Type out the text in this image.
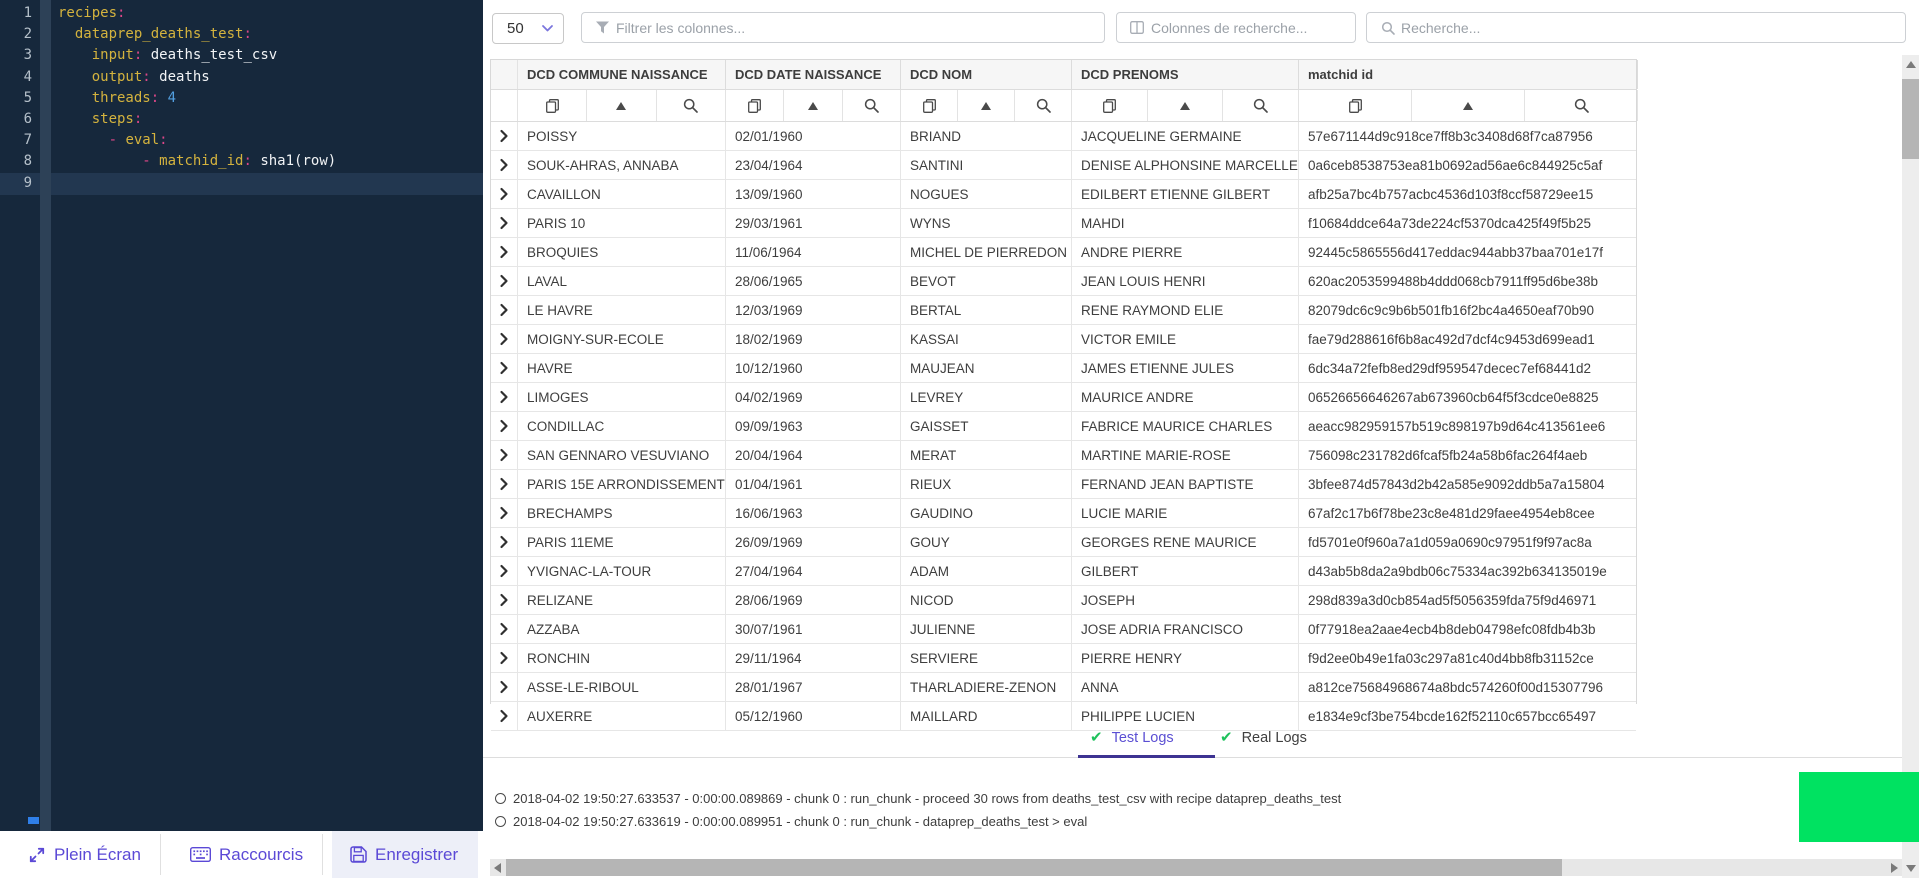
1
2
3
4
5
6
7
8
9
recipes:
dataprep_deaths_test:
input: deaths_test_csv
output: deaths
threads: 4
steps:
- eval:
- matchid_id: sha1(row)
50
Filtrer les colonnes...
Colonnes de recherche...
Recherche...
DCD COMMUNE NAISSANCE	DCD DATE NAISSANCE	DCD NOM	DCD PRENOMS	matchid id
POISSY	02/01/1960	BRIAND	JACQUELINE GERMAINE	57e671144d9c918ce7ff8b3c3408d68f7ca87956
SOUK-AHRAS, ANNABA	23/04/1964	SANTINI	DENISE ALPHONSINE MARCELLE 0a6ceb8538753ea81b0692ad56ae6c844925c5af
CAVAILLON	13/09/1960	NOGUES	EDILBERT ETIENNE GILBERT	afb25a7bc4b757acbc4536d103f8ccf58729ee15
PARIS 10	29/03/1961	WYNS	MAHDI	f10684ddce64a73de224cf5370dca425f49f5b25
BROQUIES	11/06/1964	MICHEL DE PIERREDON	ANDRE PIERRE	92445c5865556d417eddac944abb37baa701e17f
LAVAL	28/06/1965	BEVOT	JEAN LOUIS HENRI	620ac2053599488b4ddd068cb7911ff95d6be38b
LE HAVRE	12/03/1969	BERTAL	RENE RAYMOND ELIE	82079dc6c9c9b6b501fb16f2bc4a4650eaf70b90
MOIGNY-SUR-ECOLE	18/02/1969	KASSAI	VICTOR EMILE	fae79d288616f6b8ac492d7dcf4c9453d699ead1
HAVRE	10/12/1960	MAUJEAN	JAMES ETIENNE JULES	6dc34a72fefb8ed29df959547decec7ef68441d2
LIMOGES	04/02/1969	LEVREY	MAURICE ANDRE	06526656646267ab673960cb64f5f3cdce0e8825
CONDILLAC	09/09/1963	GAISSET	FABRICE MAURICE CHARLES	aeacc982959157b519c898197b9d64c413561ee6
SAN GENNARO VESUVIANO	20/04/1964	MERAT	MARTINE MARIE-ROSE	756098c231782d6fcaf5fb24a58b6fac264f4aeb
PARIS 15E ARRONDISSEMENT 01/04/1961	RIEUX	FERNAND JEAN BAPTISTE	3bfee874d57843d2b42a585e9092ddb5a7a15804
BRECHAMPS	16/06/1963	GAUDINO	LUCIE MARIE	67af2c17b6f78be23c8e481d29faee4954eb8cee
PARIS 11EME	26/09/1969	GOUY	GEORGES RENE MAURICE	fd5701e0f960a7a1d059a0690c97951f9f97ac8a
YVIGNAC-LA-TOUR	27/04/1964	ADAM	GILBERT	d43ab5b8da2a9bdb06c75334ac392b634135019e
RELIZANE	28/06/1969	NICOD	JOSEPH	298d839a3d0cb854ad5f5056359fda75f9d46971
AZZABA	30/07/1961	JULIENNE	JOSE ADRIA FRANCISCO	0f77918ea2aae4ecb4b8deb04798efc08fdb4b3b
RONCHIN	29/11/1964	SERVIERE	PIERRE HENRY	f9d2ee0b49e1fa03c297a81c40d4bb8fb31152ce
ASSE-LE-RIBOUL	28/01/1967	THARLADIERE-ZENON	ANNA	a812ce75684968674a8bdc574260f00d15307796
AUXERRE	05/12/1960	MAILLARD	PHILIPPE LUCIEN	e1834e9cf3be754bcde162f52110c657bcc65497
✔ Test Logs	✔ Real Logs
2018-04-02 19:50:27.633537 - 0:00:00.089869 - chunk 0 : run_chunk - proceed 30 rows from deaths_test_csv with recipe dataprep_deaths_test
2018-04-02 19:50:27.633619 - 0:00:00.089951 - chunk 0 : run_chunk - dataprep_deaths_test > eval
Plein Écran	Raccourcis	Enregistrer
